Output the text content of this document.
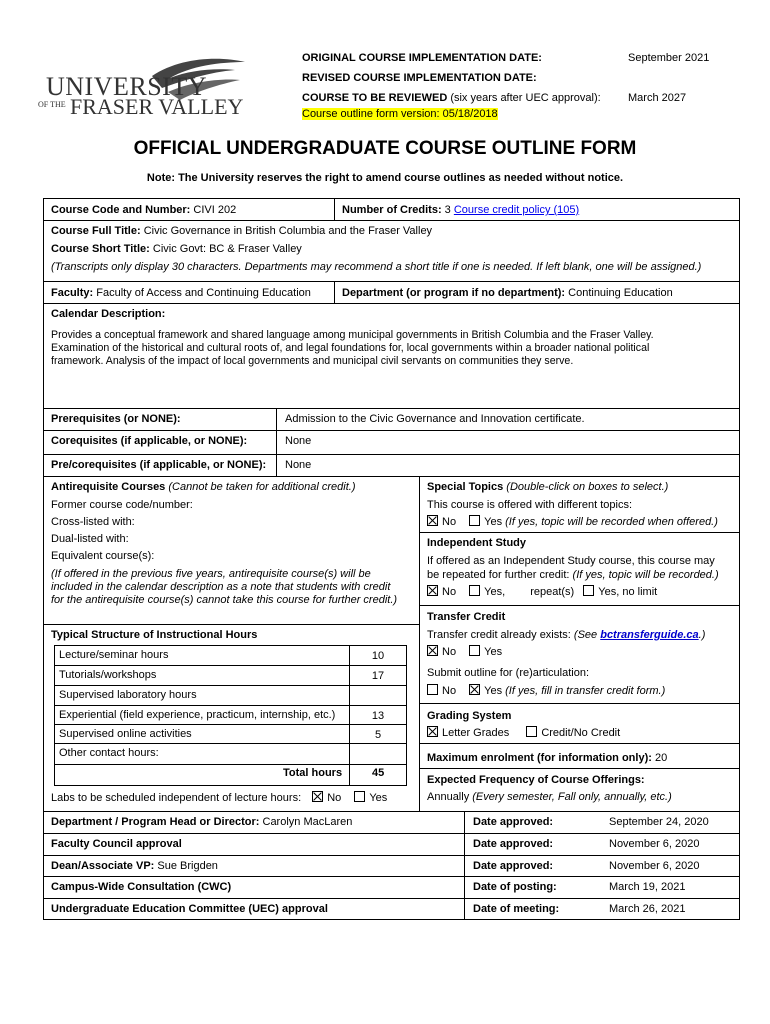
UNIVERSITY
OF THE FRASER VALLEY
ORIGINAL COURSE IMPLEMENTATION DATE:	September 2021
REVISED COURSE IMPLEMENTATION DATE:
COURSE TO BE REVIEWED (six years after UEC approval): March 2027
Course outline form version: 05/18/2018
OFFICIAL UNDERGRADUATE COURSE OUTLINE FORM
Note: The University reserves the right to amend course outlines as needed without notice.
Course Code and Number: CIVI 202	Number of Credits: 3 Course credit policy (105)
Course Full Title: Civic Governance in British Columbia and the Fraser Valley
Course Short Title: Civic Govt: BC & Fraser Valley
(Transcripts only display 30 characters. Departments may recommend a short title if one is needed. If left blank, one will be assigned.)
Faculty: Faculty of Access and Continuing Education	Department (or program if no department): Continuing Education
Calendar Description:
Provides a conceptual framework and shared language among municipal governments in British Columbia and the Fraser Valley.
Examination of the historical and cultural roots of, and legal foundations for, local governments within a broader national political
framework. Analysis of the impact of local governments and municipal civil servants on communities they serve.
Prerequisites (or NONE):	Admission to the Civic Governance and Innovation certificate.
Corequisites (if applicable, or NONE):	None
Pre/corequisites (if applicable, or NONE): None
Antirequisite Courses (Cannot be taken for additional credit.)
Former course code/number:
Cross-listed with:
Dual-listed with:
Equivalent course(s):
(If offered in the previous five years, antirequisite course(s) will be
included in the calendar description as a note that students with credit
for the antirequisite course(s) cannot take this course for further credit.)
Typical Structure of Instructional Hours
Lecture/seminar hours	10
Tutorials/workshops	17
Supervised laboratory hours
Experiential (field experience, practicum, internship, etc.)	13
Supervised online activities	5
Other contact hours:
Total hours	45
Labs to be scheduled independent of lecture hours: No	Yes
Special Topics (Double-click on boxes to select.)
This course is offered with different topics:
No	Yes (If yes, topic will be recorded when offered.)
Independent Study
If offered as an Independent Study course, this course may
be repeated for further credit: (If yes, topic will be recorded.)
No	Yes, repeat(s) Yes, no limit
Transfer Credit
Transfer credit already exists: (See bctransferguide.ca.)
No	Yes
Submit outline for (re)articulation:
No	Yes (If yes, fill in transfer credit form.)
Grading System
Letter Grades	Credit/No Credit
Maximum enrolment (for information only): 20
Expected Frequency of Course Offerings:
Annually (Every semester, Fall only, annually, etc.)
Department / Program Head or Director: Carolyn MacLaren	Date approved:	September 24, 2020
Faculty Council approval	Date approved:	November 6, 2020
Dean/Associate VP: Sue Brigden	Date approved:	November 6, 2020
Campus-Wide Consultation (CWC)	Date of posting:	March 19, 2021
Undergraduate Education Committee (UEC) approval	Date of meeting:	March 26, 2021
